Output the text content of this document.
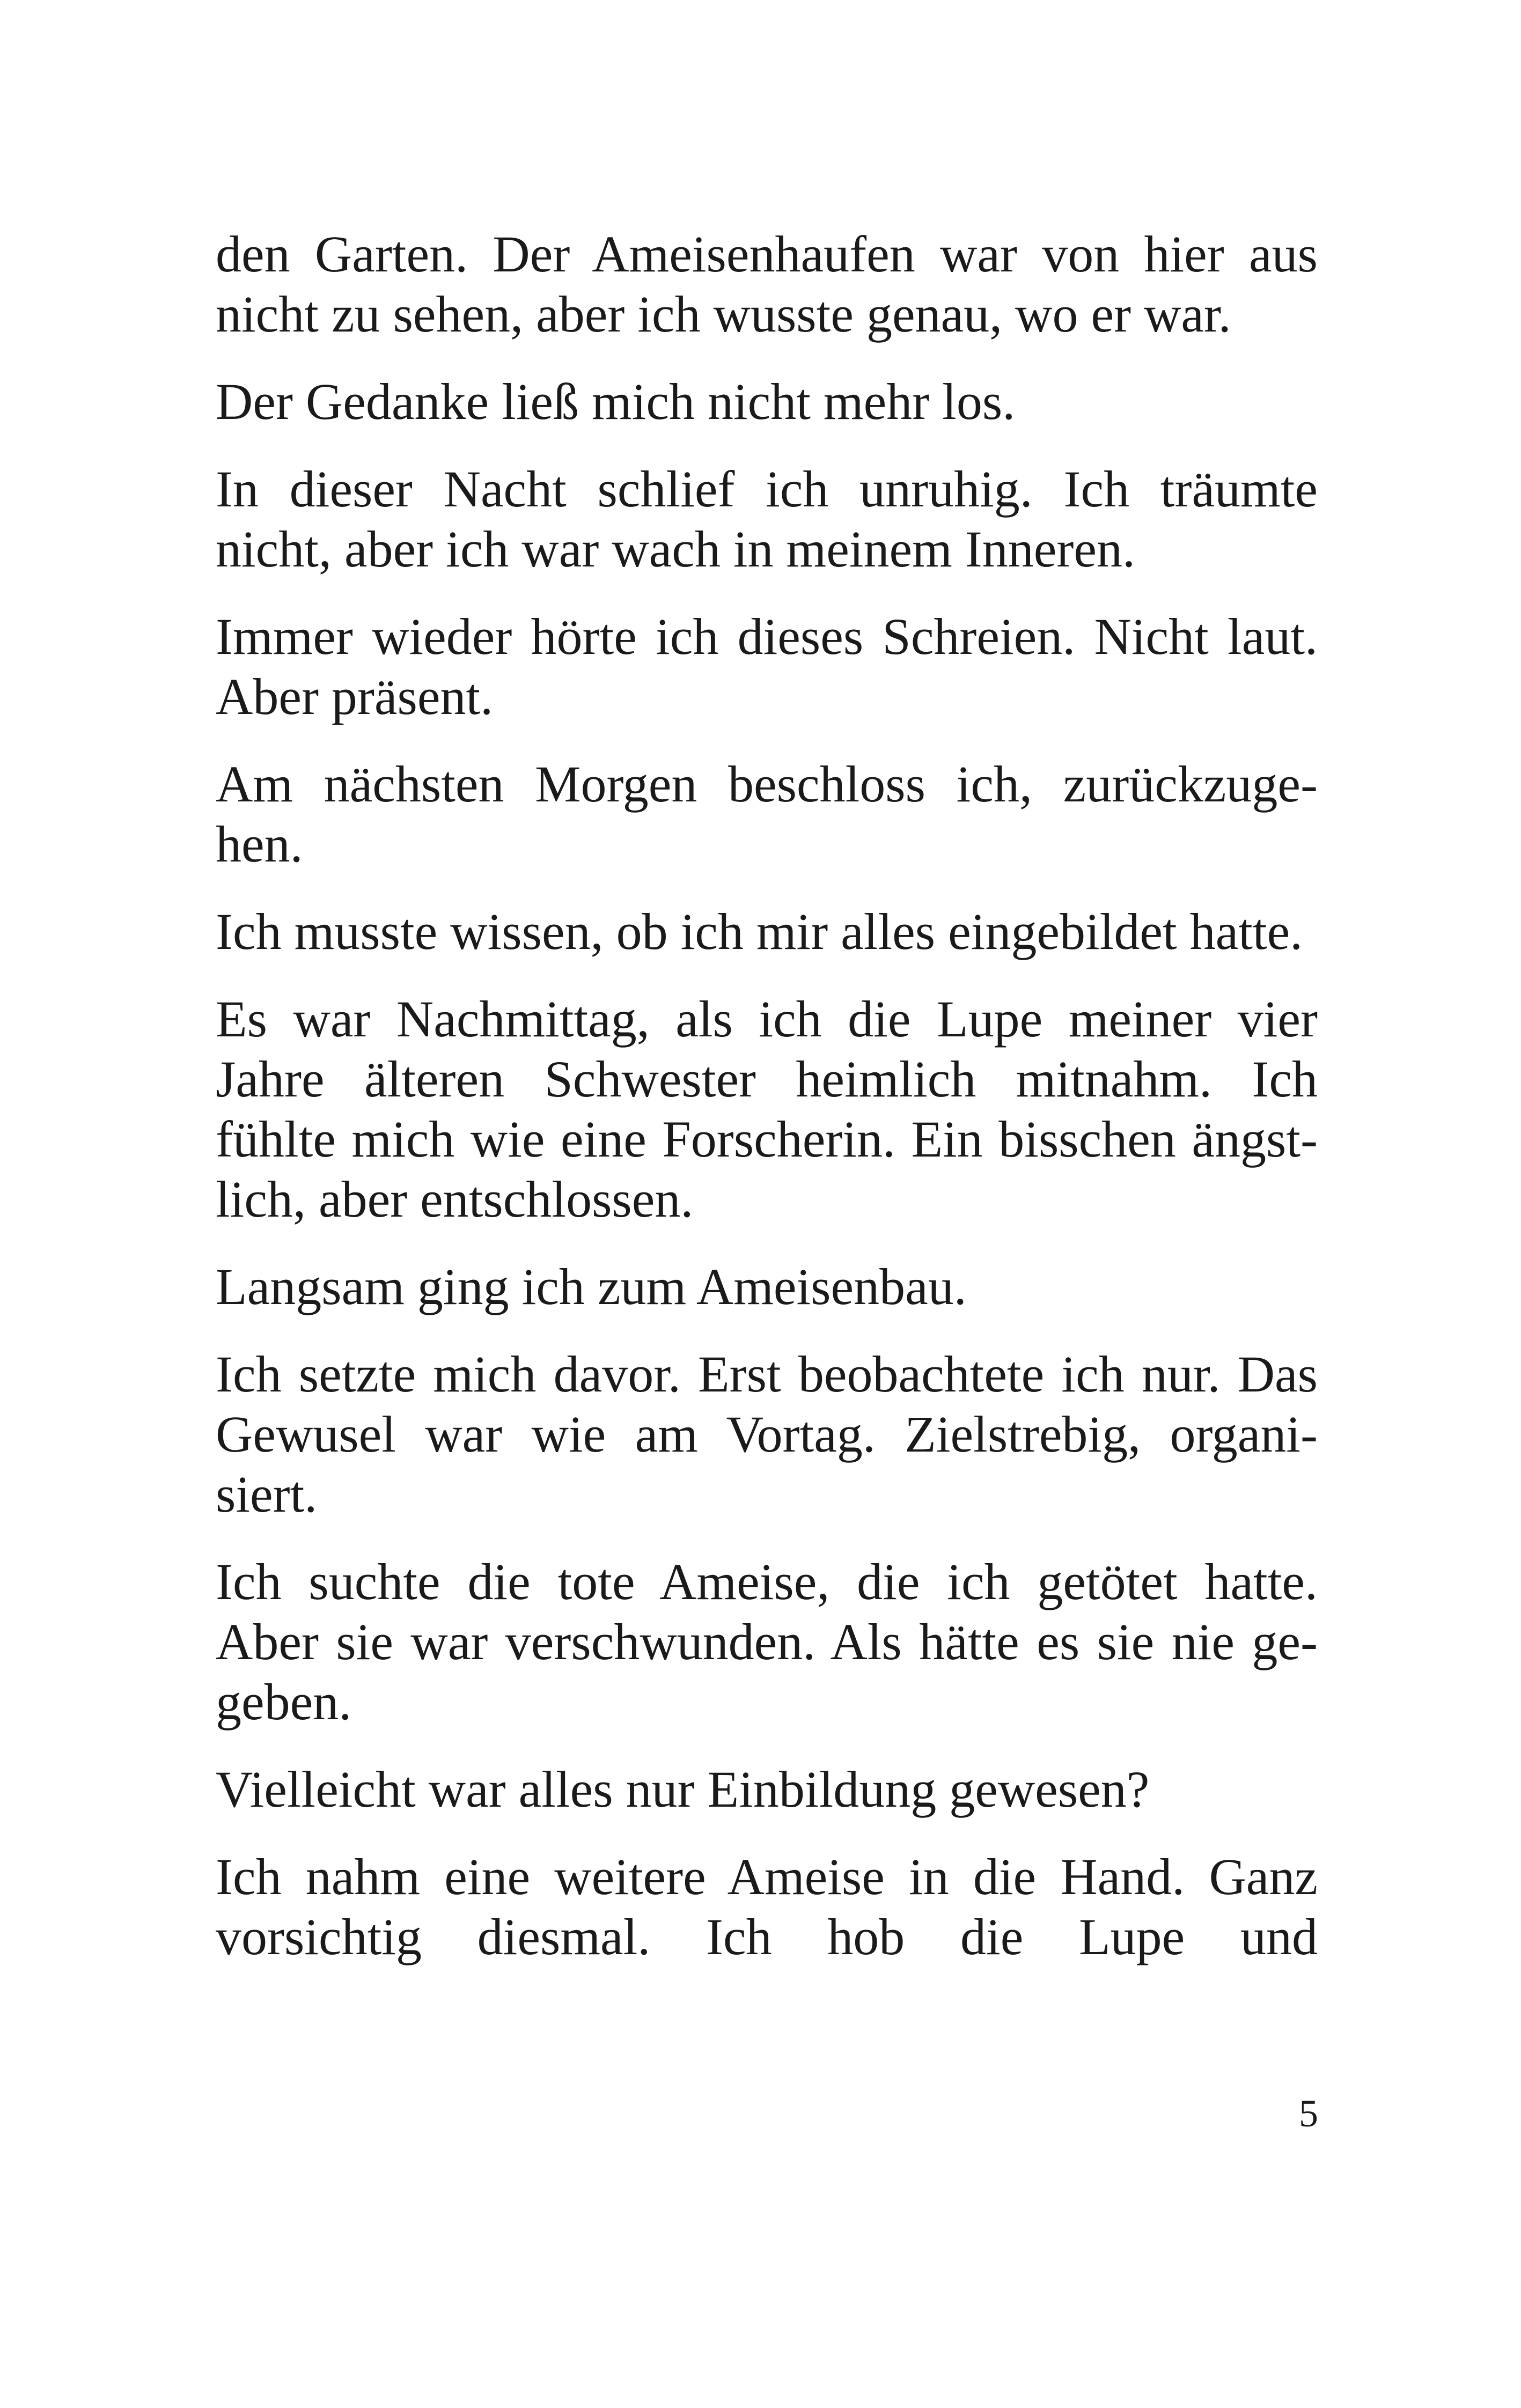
den Garten. Der Ameisenhaufen war von hier aus
nicht zu sehen, aber ich wusste genau, wo er war.
Der Gedanke ließ mich nicht mehr los.
In dieser Nacht schlief ich unruhig. Ich träumte
nicht, aber ich war wach in meinem Inneren.
Immer wieder hörte ich dieses Schreien. Nicht laut.
Aber präsent.
Am nächsten Morgen beschloss ich, zurückzuge-
hen.
Ich musste wissen, ob ich mir alles eingebildet hatte.
Es war Nachmittag, als ich die Lupe meiner vier
Jahre älteren Schwester heimlich mitnahm. Ich
fühlte mich wie eine Forscherin. Ein bisschen ängst-
lich, aber entschlossen.
Langsam ging ich zum Ameisenbau.
Ich setzte mich davor. Erst beobachtete ich nur. Das
Gewusel war wie am Vortag. Zielstrebig, organi-
siert.
Ich suchte die tote Ameise, die ich getötet hatte.
Aber sie war verschwunden. Als hätte es sie nie ge-
geben.
Vielleicht war alles nur Einbildung gewesen?
Ich nahm eine weitere Ameise in die Hand. Ganz
vorsichtig diesmal. Ich hob die Lupe und
5
